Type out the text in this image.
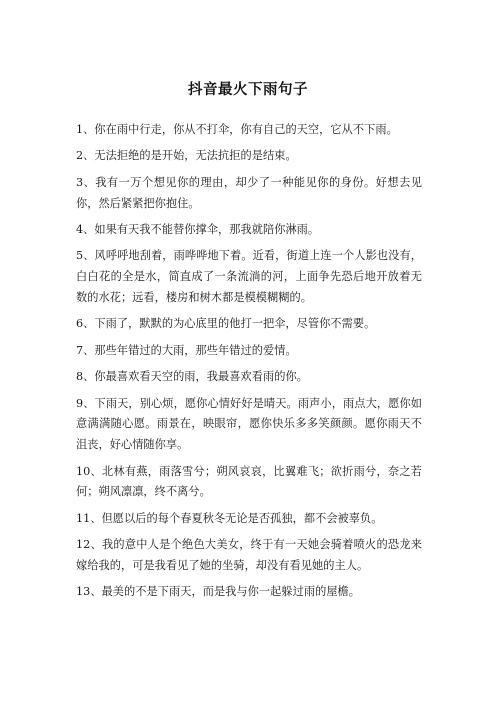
抖音最火下雨句子

1、你在雨中行走，你从不打伞，你有自己的天空，它从不下雨。

2、无法拒绝的是开始，无法抗拒的是结束。

3、我有一万个想见你的理由，却少了一种能见你的身份。好想去见你，然后紧紧把你抱住。

4、如果有天我不能替你撑伞，那我就陪你淋雨。

5、风呼呼地刮着，雨哗哗地下着。近看，街道上连一个人影也没有，白白花的全是水，简直成了一条流淌的河，上面争先恐后地开放着无数的水花；远看，楼房和树木都是模模糊糊的。

6、下雨了，默默的为心底里的他打一把伞，尽管你不需要。

7、那些年错过的大雨，那些年错过的爱情。

8、你最喜欢看天空的雨，我最喜欢看雨的你。

9、下雨天，别心烦，愿你心情好好是晴天。雨声小，雨点大，愿你如意满满随心愿。雨景在，映眼帘，愿你快乐多多笑颜颜。愿你雨天不沮丧，好心情随你享。

10、北林有燕，雨落雪兮；朔风哀哀，比翼难飞；欲折雨兮，奈之若何；朔风凛凛，终不离兮。

11、但愿以后的每个春夏秋冬无论是否孤独，都不会被辜负。

12、我的意中人是个绝色大美女，终于有一天她会骑着喷火的恐龙来嫁给我的，可是我看见了她的坐骑，却没有看见她的主人。

13、最美的不是下雨天，而是我与你一起躲过雨的屋檐。
